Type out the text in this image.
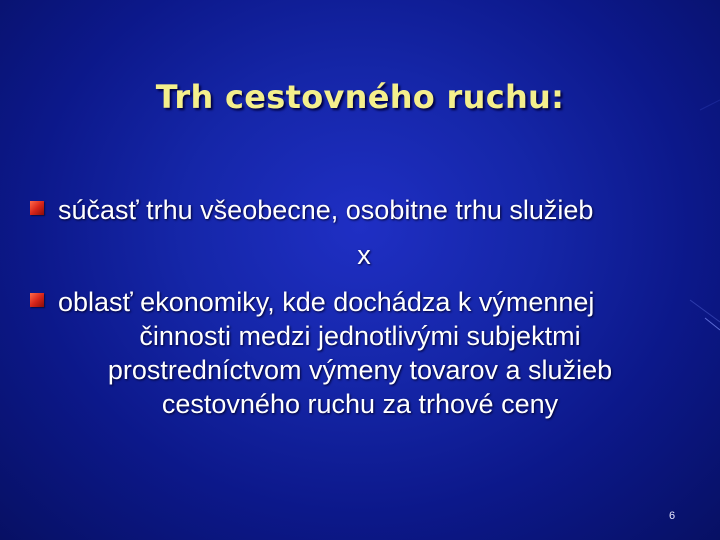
Trh cestovného ruchu:
súčasť trhu všeobecne, osobitne trhu služieb
x
oblasť ekonomiky, kde dochádza k výmennej
činnosti medzi jednotlivými subjektmi
prostredníctvom výmeny tovarov a služieb
cestovného ruchu za trhové ceny
6
